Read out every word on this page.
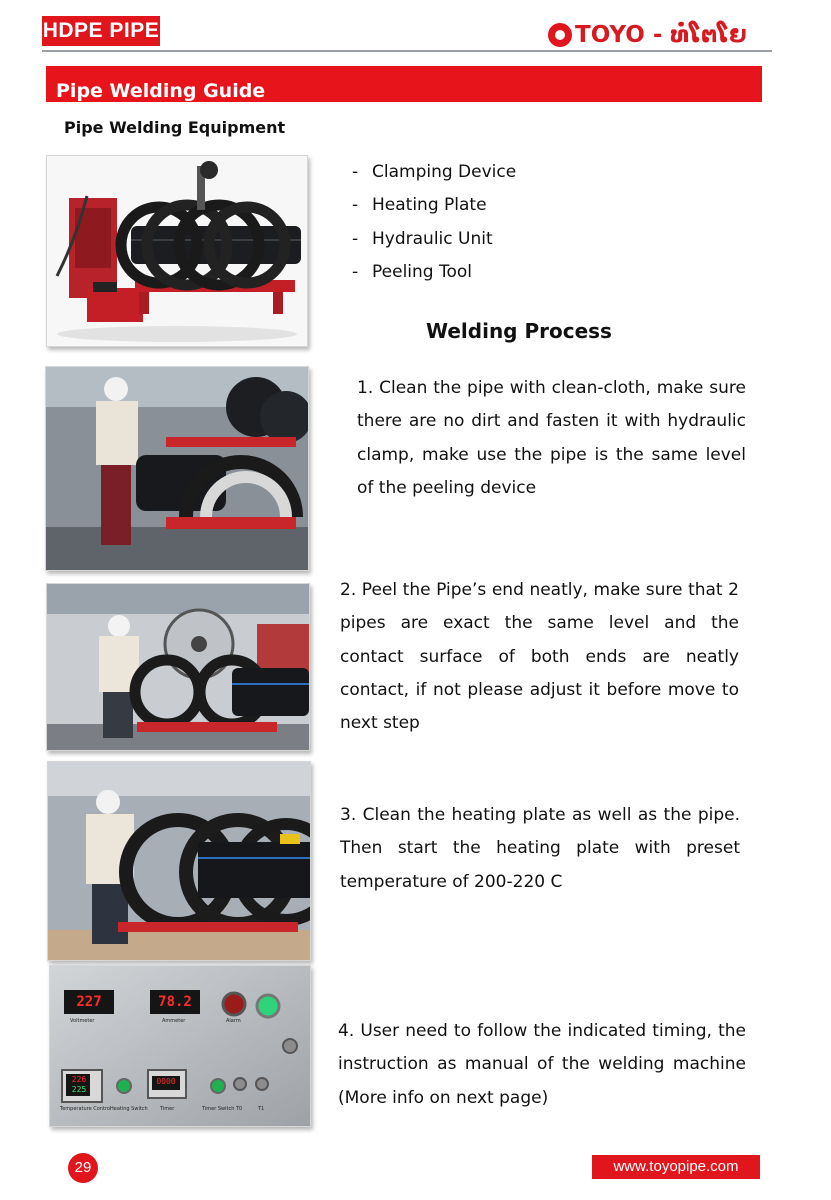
HDPE PIPE	TOYO - ທໍ່ໂຕໂຍ
Pipe Welding Guide
Pipe Welding Equipment
- Clamping Device
- Heating Plate
- Hydraulic Unit
- Peeling Tool
Welding Process
1. Clean the pipe with clean-cloth, make sure there are no dirt and fasten it with hydraulic clamp, make use the pipe is the same level of the peeling device
2. Peel the Pipe’s end neatly, make sure that 2 pipes are exact the same level and the contact surface of both ends are neatly contact, if not please adjust it before move to next step
3. Clean the heating plate as well as the pipe. Then start the heating plate with preset temperature of 200-220 C
227	78.2
226
225
0000
Voltmeter	Ammeter	Alarm
Temperature Control
Heating Switch Timer	Timer Switch T0	T1
4. User need to follow the indicated timing, the instruction as manual of the welding machine (More info on next page)
29	www.toyopipe.com
